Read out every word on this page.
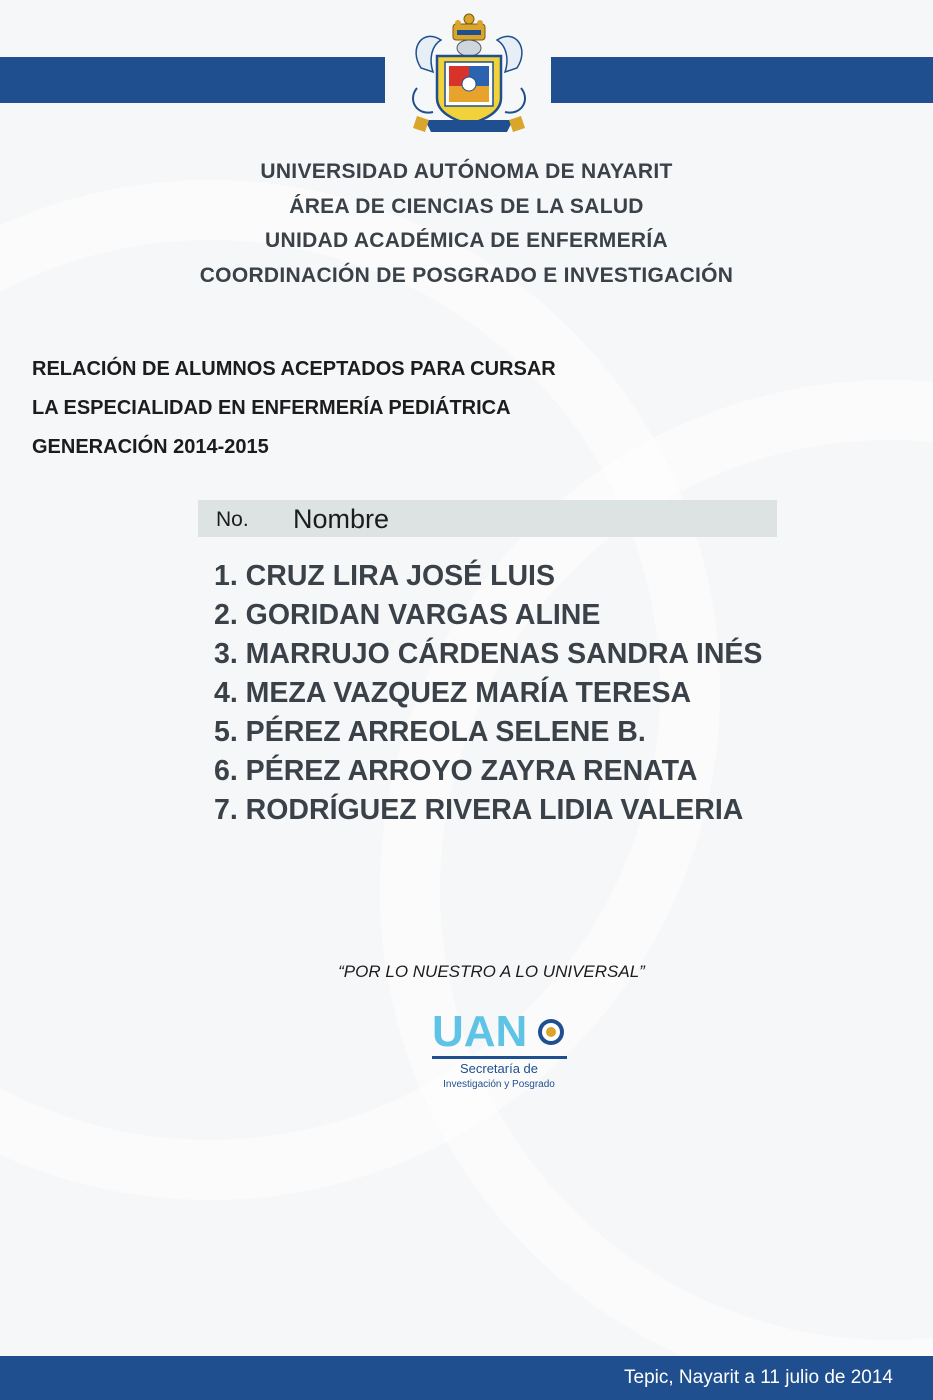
UNIVERSIDAD AUTÓNOMA DE NAYARIT
ÁREA DE CIENCIAS DE LA SALUD
UNIDAD ACADÉMICA DE ENFERMERÍA
COORDINACIÓN DE POSGRADO E INVESTIGACIÓN
RELACIÓN DE ALUMNOS ACEPTADOS PARA CURSAR
LA ESPECIALIDAD EN ENFERMERÍA PEDIÁTRICA
GENERACIÓN 2014-2015
No. Nombre
1. CRUZ LIRA JOSÉ LUIS
2. GORIDAN VARGAS ALINE
3. MARRUJO CÁRDENAS SANDRA INÉS
4. MEZA VAZQUEZ MARÍA TERESA
5. PÉREZ ARREOLA SELENE B.
6. PÉREZ ARROYO ZAYRA RENATA
7. RODRÍGUEZ RIVERA LIDIA VALERIA
“POR LO NUESTRO A LO UNIVERSAL”
UAN
Secretaría de
Investigación y Posgrado
Tepic, Nayarit a 11 julio de 2014
